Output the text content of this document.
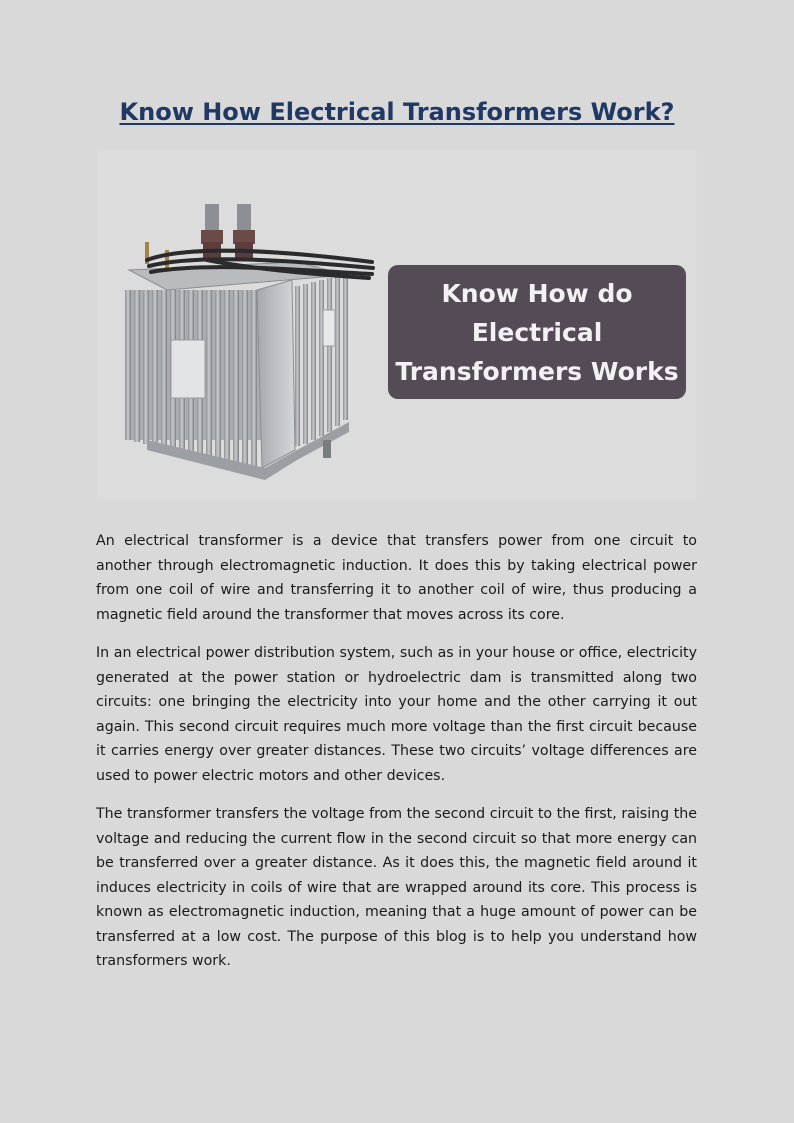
Know How Electrical Transformers Work?
Know How do Electrical Transformers Works

An electrical transformer is a device that transfers power from one circuit to another through electromagnetic induction. It does this by taking electrical power from one coil of wire and transferring it to another coil of wire, thus producing a magnetic field around the transformer that moves across its core.

In an electrical power distribution system, such as in your house or office, electricity generated at the power station or hydroelectric dam is transmitted along two circuits: one bringing the electricity into your home and the other carrying it out again. This second circuit requires much more voltage than the first circuit because it carries energy over greater distances. These two circuits’ voltage differences are used to power electric motors and other devices.

The transformer transfers the voltage from the second circuit to the first, raising the voltage and reducing the current flow in the second circuit so that more energy can be transferred over a greater distance. As it does this, the magnetic field around it induces electricity in coils of wire that are wrapped around its core. This process is known as electromagnetic induction, meaning that a huge amount of power can be transferred at a low cost. The purpose of this blog is to help you understand how transformers work.
